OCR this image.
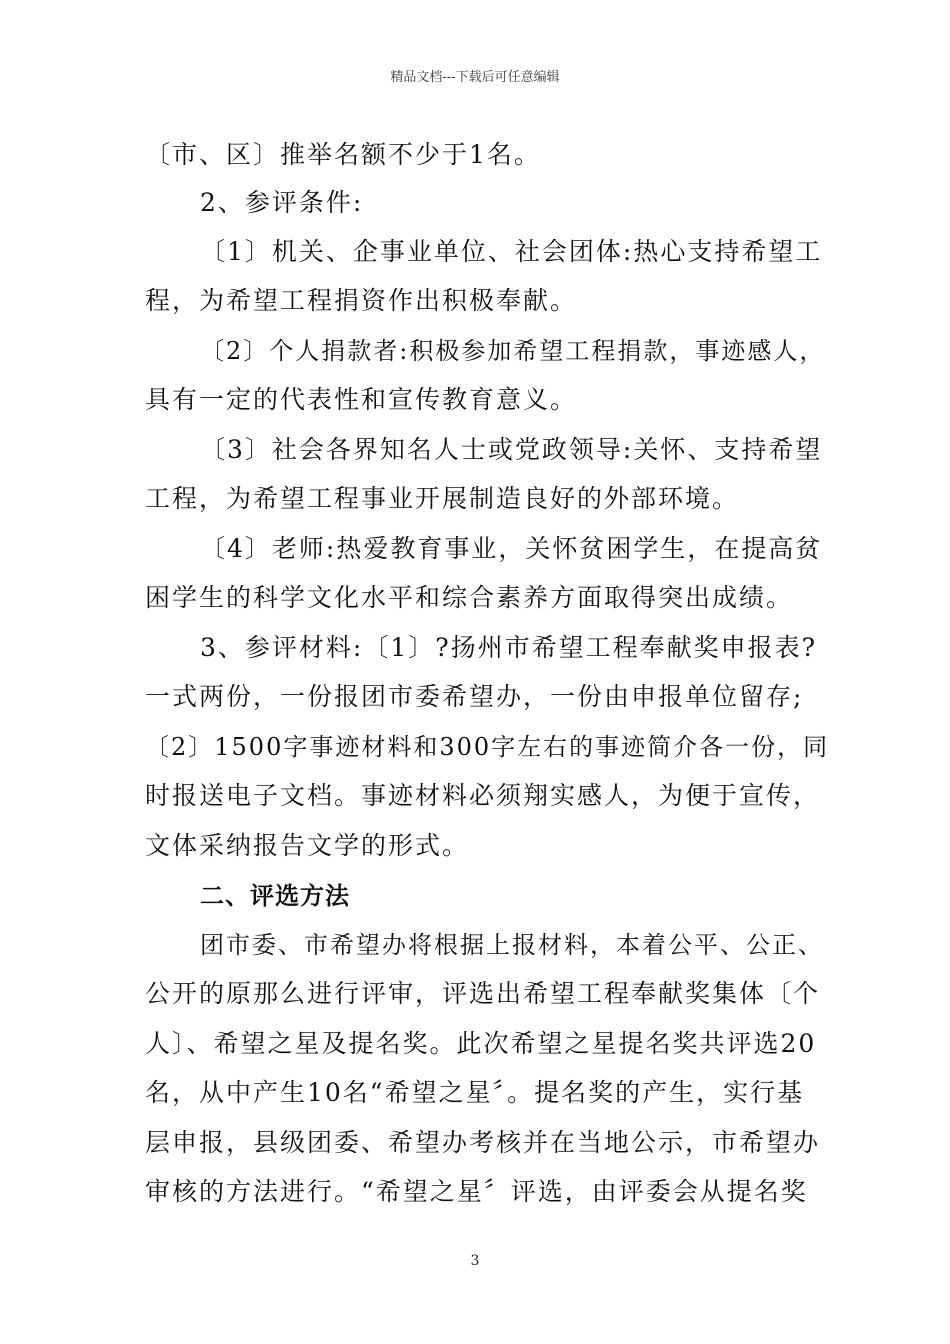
精品文档---下载后可任意编辑
〔市、区〕推举名额不少于1名。
2、参评条件:
〔1〕机关、企事业单位、社会团体:热心支持希望工
程，为希望工程捐资作出积极奉献。
〔2〕个人捐款者:积极参加希望工程捐款，事迹感人，
具有一定的代表性和宣传教育意义。
〔3〕社会各界知名人士或党政领导:关怀、支持希望
工程，为希望工程事业开展制造良好的外部环境。
〔4〕老师:热爱教育事业，关怀贫困学生，在提高贫
困学生的科学文化水平和综合素养方面取得突出成绩。
3、参评材料:〔1〕?扬州市希望工程奉献奖申报表?
一式两份，一份报团市委希望办，一份由申报单位留存;
〔2〕1500字事迹材料和300字左右的事迹简介各一份，同
时报送电子文档。事迹材料必须翔实感人，为便于宣传，
文体采纳报告文学的形式。
二、评选方法
团市委、市希望办将根据上报材料，本着公平、公正、
公开的原那么进行评审，评选出希望工程奉献奖集体〔个
人〕、希望之星及提名奖。此次希望之星提名奖共评选20
名，从中产生10名“希望之星〞。提名奖的产生，实行基
层申报，县级团委、希望办考核并在当地公示，市希望办
审核的方法进行。“希望之星〞评选，由评委会从提名奖
3
